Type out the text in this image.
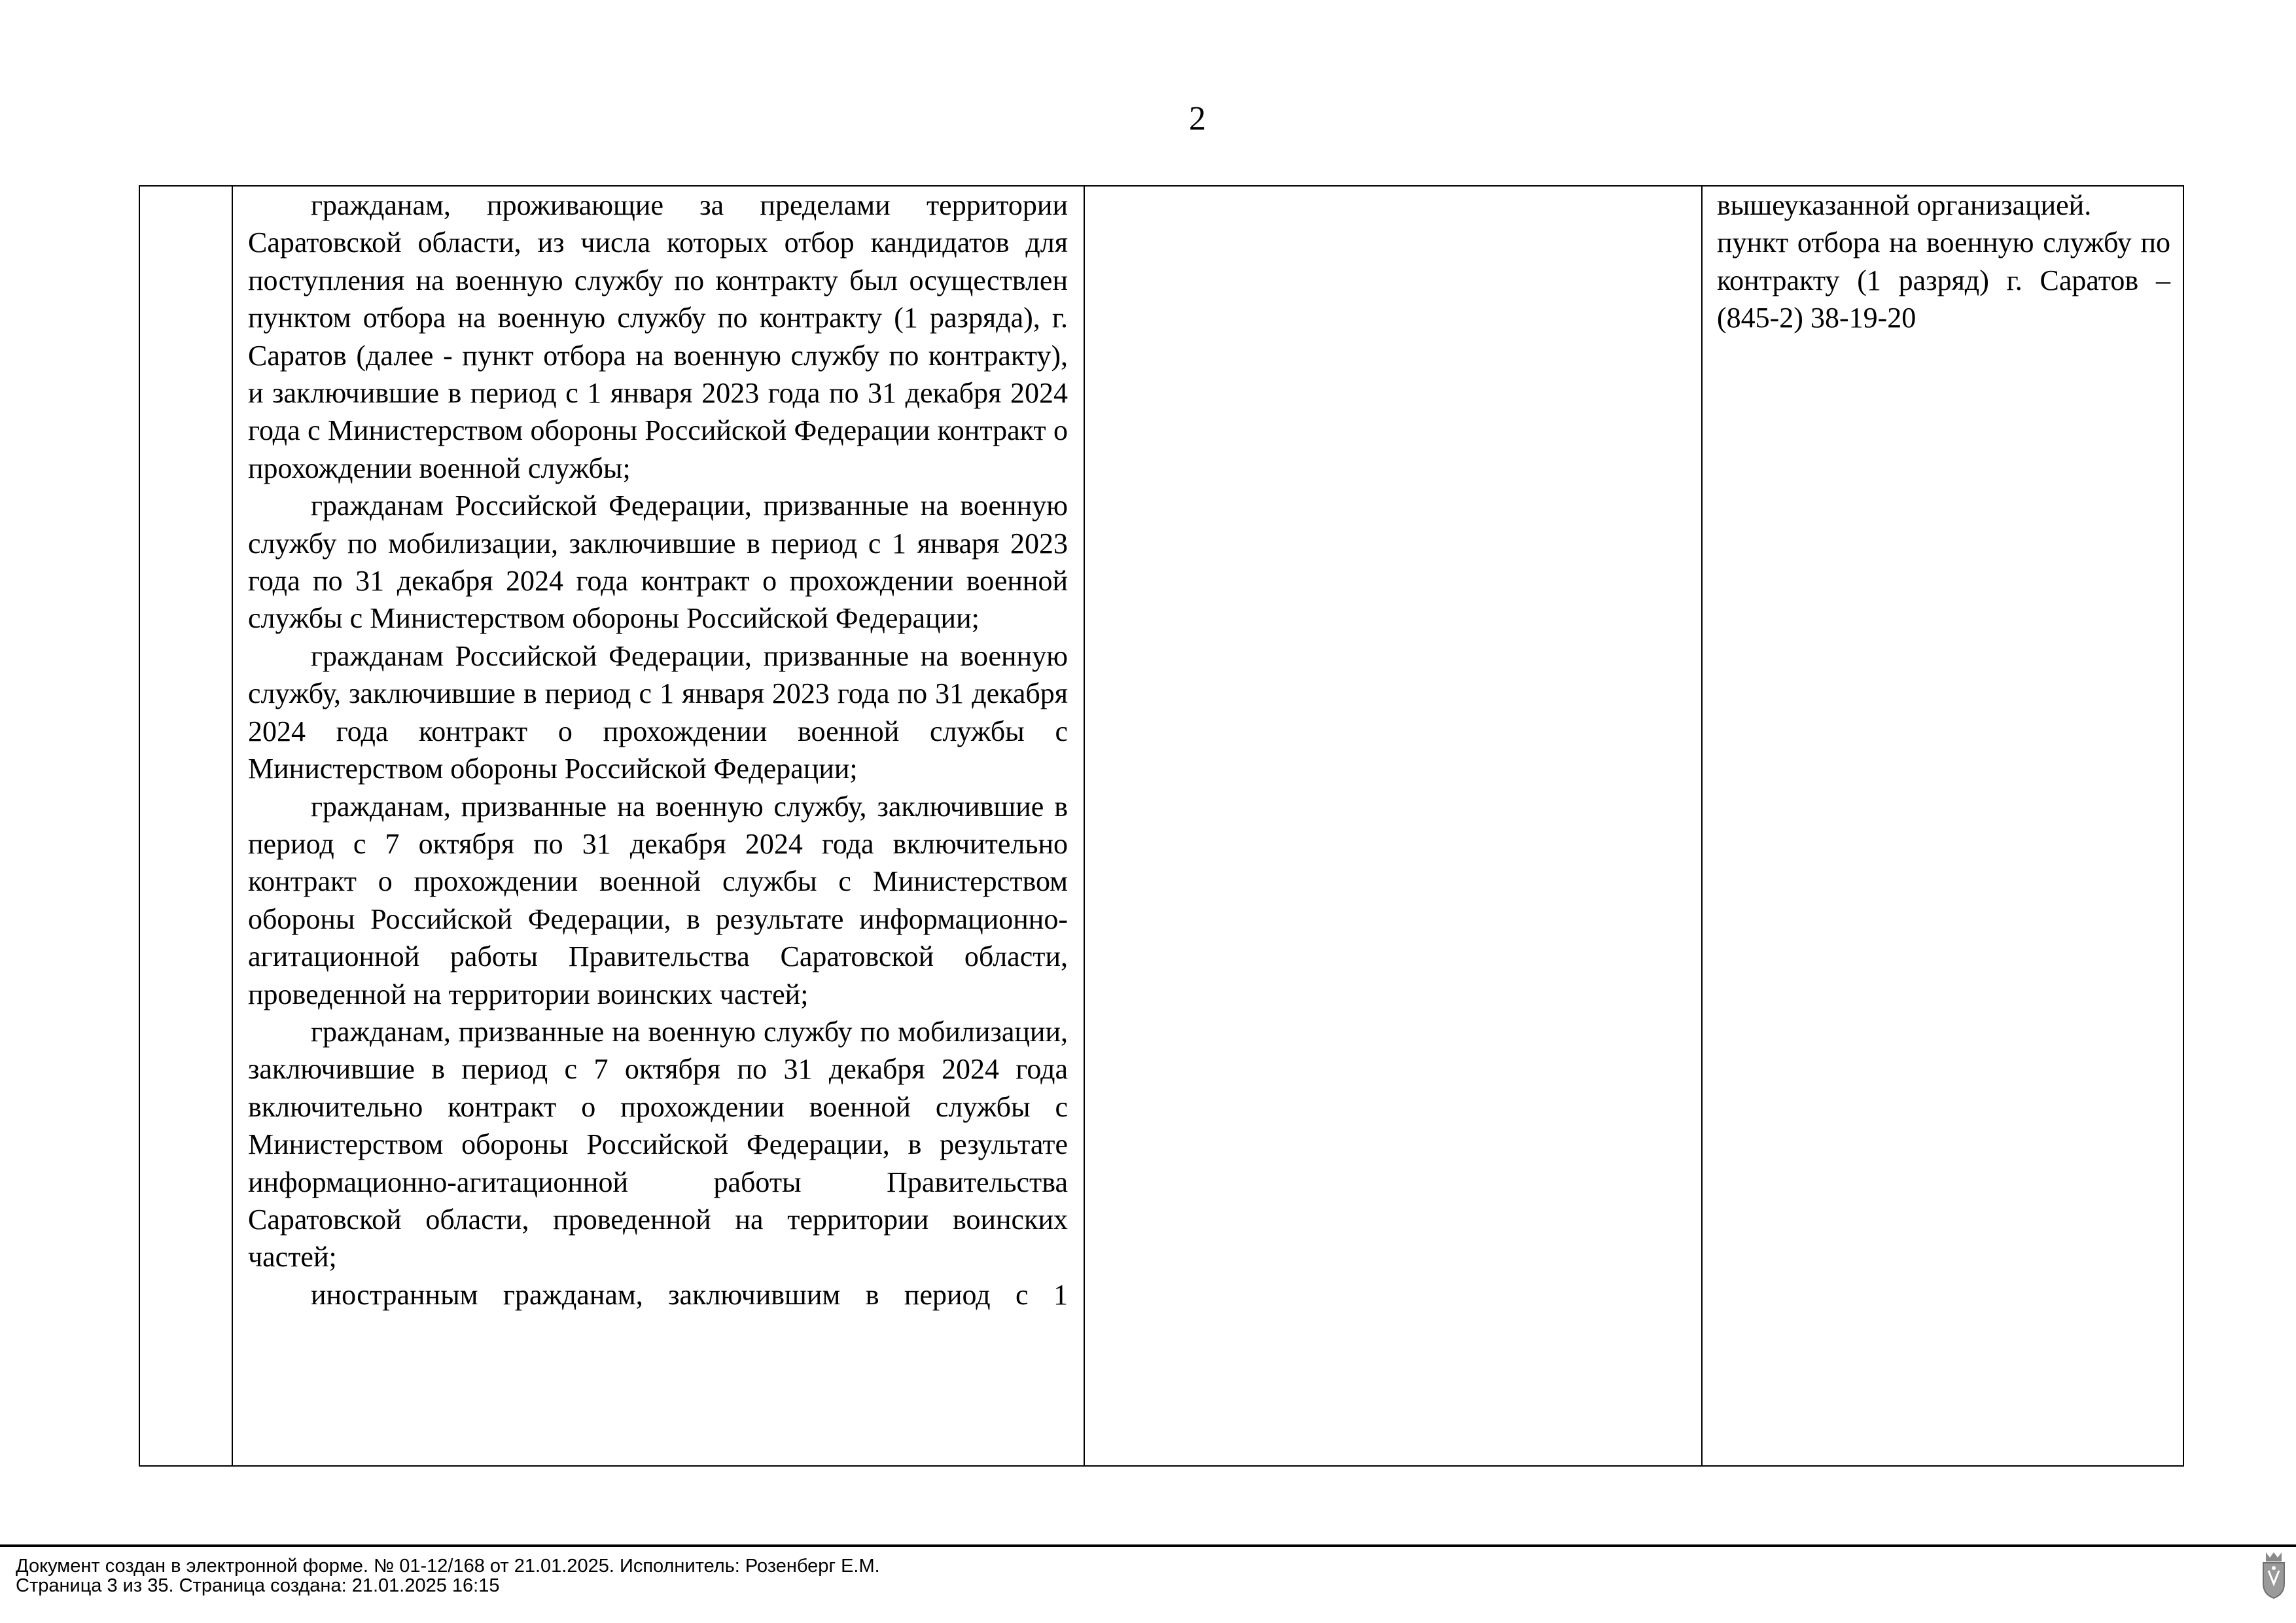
2

гражданам, проживающие за пределами территории Саратовской области, из числа которых отбор кандидатов для поступления на военную службу по контракту был осуществлен пунктом отбора на военную службу по контракту (1 разряда), г. Саратов (далее - пункт отбора на военную службу по контракту), и заключившие в период с 1 января 2023 года по 31 декабря 2024 года с Министерством обороны Российской Федерации контракт о прохождении военной службы;

гражданам Российской Федерации, призванные на военную службу по мобилизации, заключившие в период с 1 января 2023 года по 31 декабря 2024 года контракт о прохождении военной службы с Министерством обороны Российской Федерации;

гражданам Российской Федерации, призванные на военную службу, заключившие в период с 1 января 2023 года по 31 декабря 2024 года контракт о прохождении военной службы с Министерством обороны Российской Федерации;

гражданам, призванные на военную службу, заключившие в период с 7 октября по 31 декабря 2024 года включительно контракт о прохождении военной службы с Министерством обороны Российской Федерации, в результате информационно-агитационной работы Правительства Саратовской области, проведенной на территории воинских частей;

гражданам, призванные на военную службу по мобилизации, заключившие в период с 7 октября по 31 декабря 2024 года включительно контракт о прохождении военной службы с Министерством обороны Российской Федерации, в результате информационно-агитационной работы Правительства Саратовской области, проведенной на территории воинских частей;

иностранным гражданам, заключившим в период с 1

вышеуказанной организацией.

пункт отбора на военную службу по контракту (1 разряд) г. Саратов – (845-2) 38-19-20

Документ создан в электронной форме. № 01-12/168 от 21.01.2025. Исполнитель: Розенберг Е.М.
Страница 3 из 35. Страница создана: 21.01.2025 16:15
